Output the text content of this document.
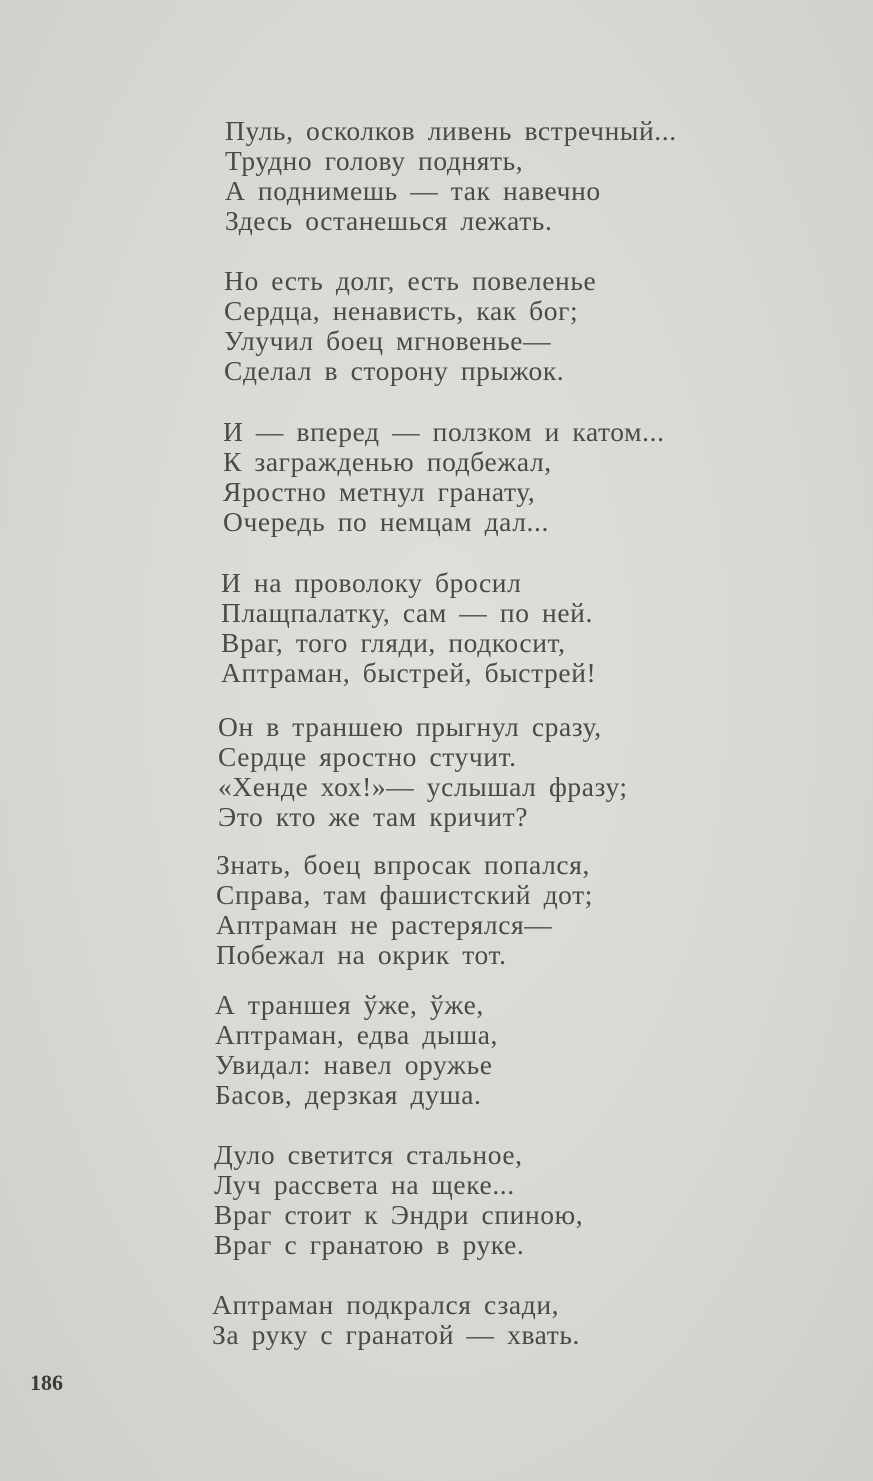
Пуль, осколков ливень встречный...
Трудно голову поднять,
А поднимешь — так навечно
Здесь останешься лежать.
Но есть долг, есть повеленье
Сердца, ненависть, как бог;
Улучил боец мгновенье—
Сделал в сторону прыжок.
И — вперед — ползком и катом...
К загражденью подбежал,
Яростно метнул гранату,
Очередь по немцам дал...
И на проволоку бросил
Плащпалатку, сам — по ней.
Враг, того гляди, подкосит,
Аптраман, быстрей, быстрей!
Он в траншею прыгнул сразу,
Сердце яростно стучит.
«Хенде хох!»— услышал фразу;
Это кто же там кричит?
Знать, боец впросак попался,
Справа, там фашистский дот;
Аптраман не растерялся—
Побежал на окрик тот.
А траншея ўже, ўже,
Аптраман, едва дыша,
Увидал: навел оружье
Басов, дерзкая душа.
Дуло светится стальное,
Луч рассвета на щеке...
Враг стоит к Эндри спиною,
Враг с гранатою в руке.
Аптраман подкрался сзади,
За руку с гранатой — хвать.
186
